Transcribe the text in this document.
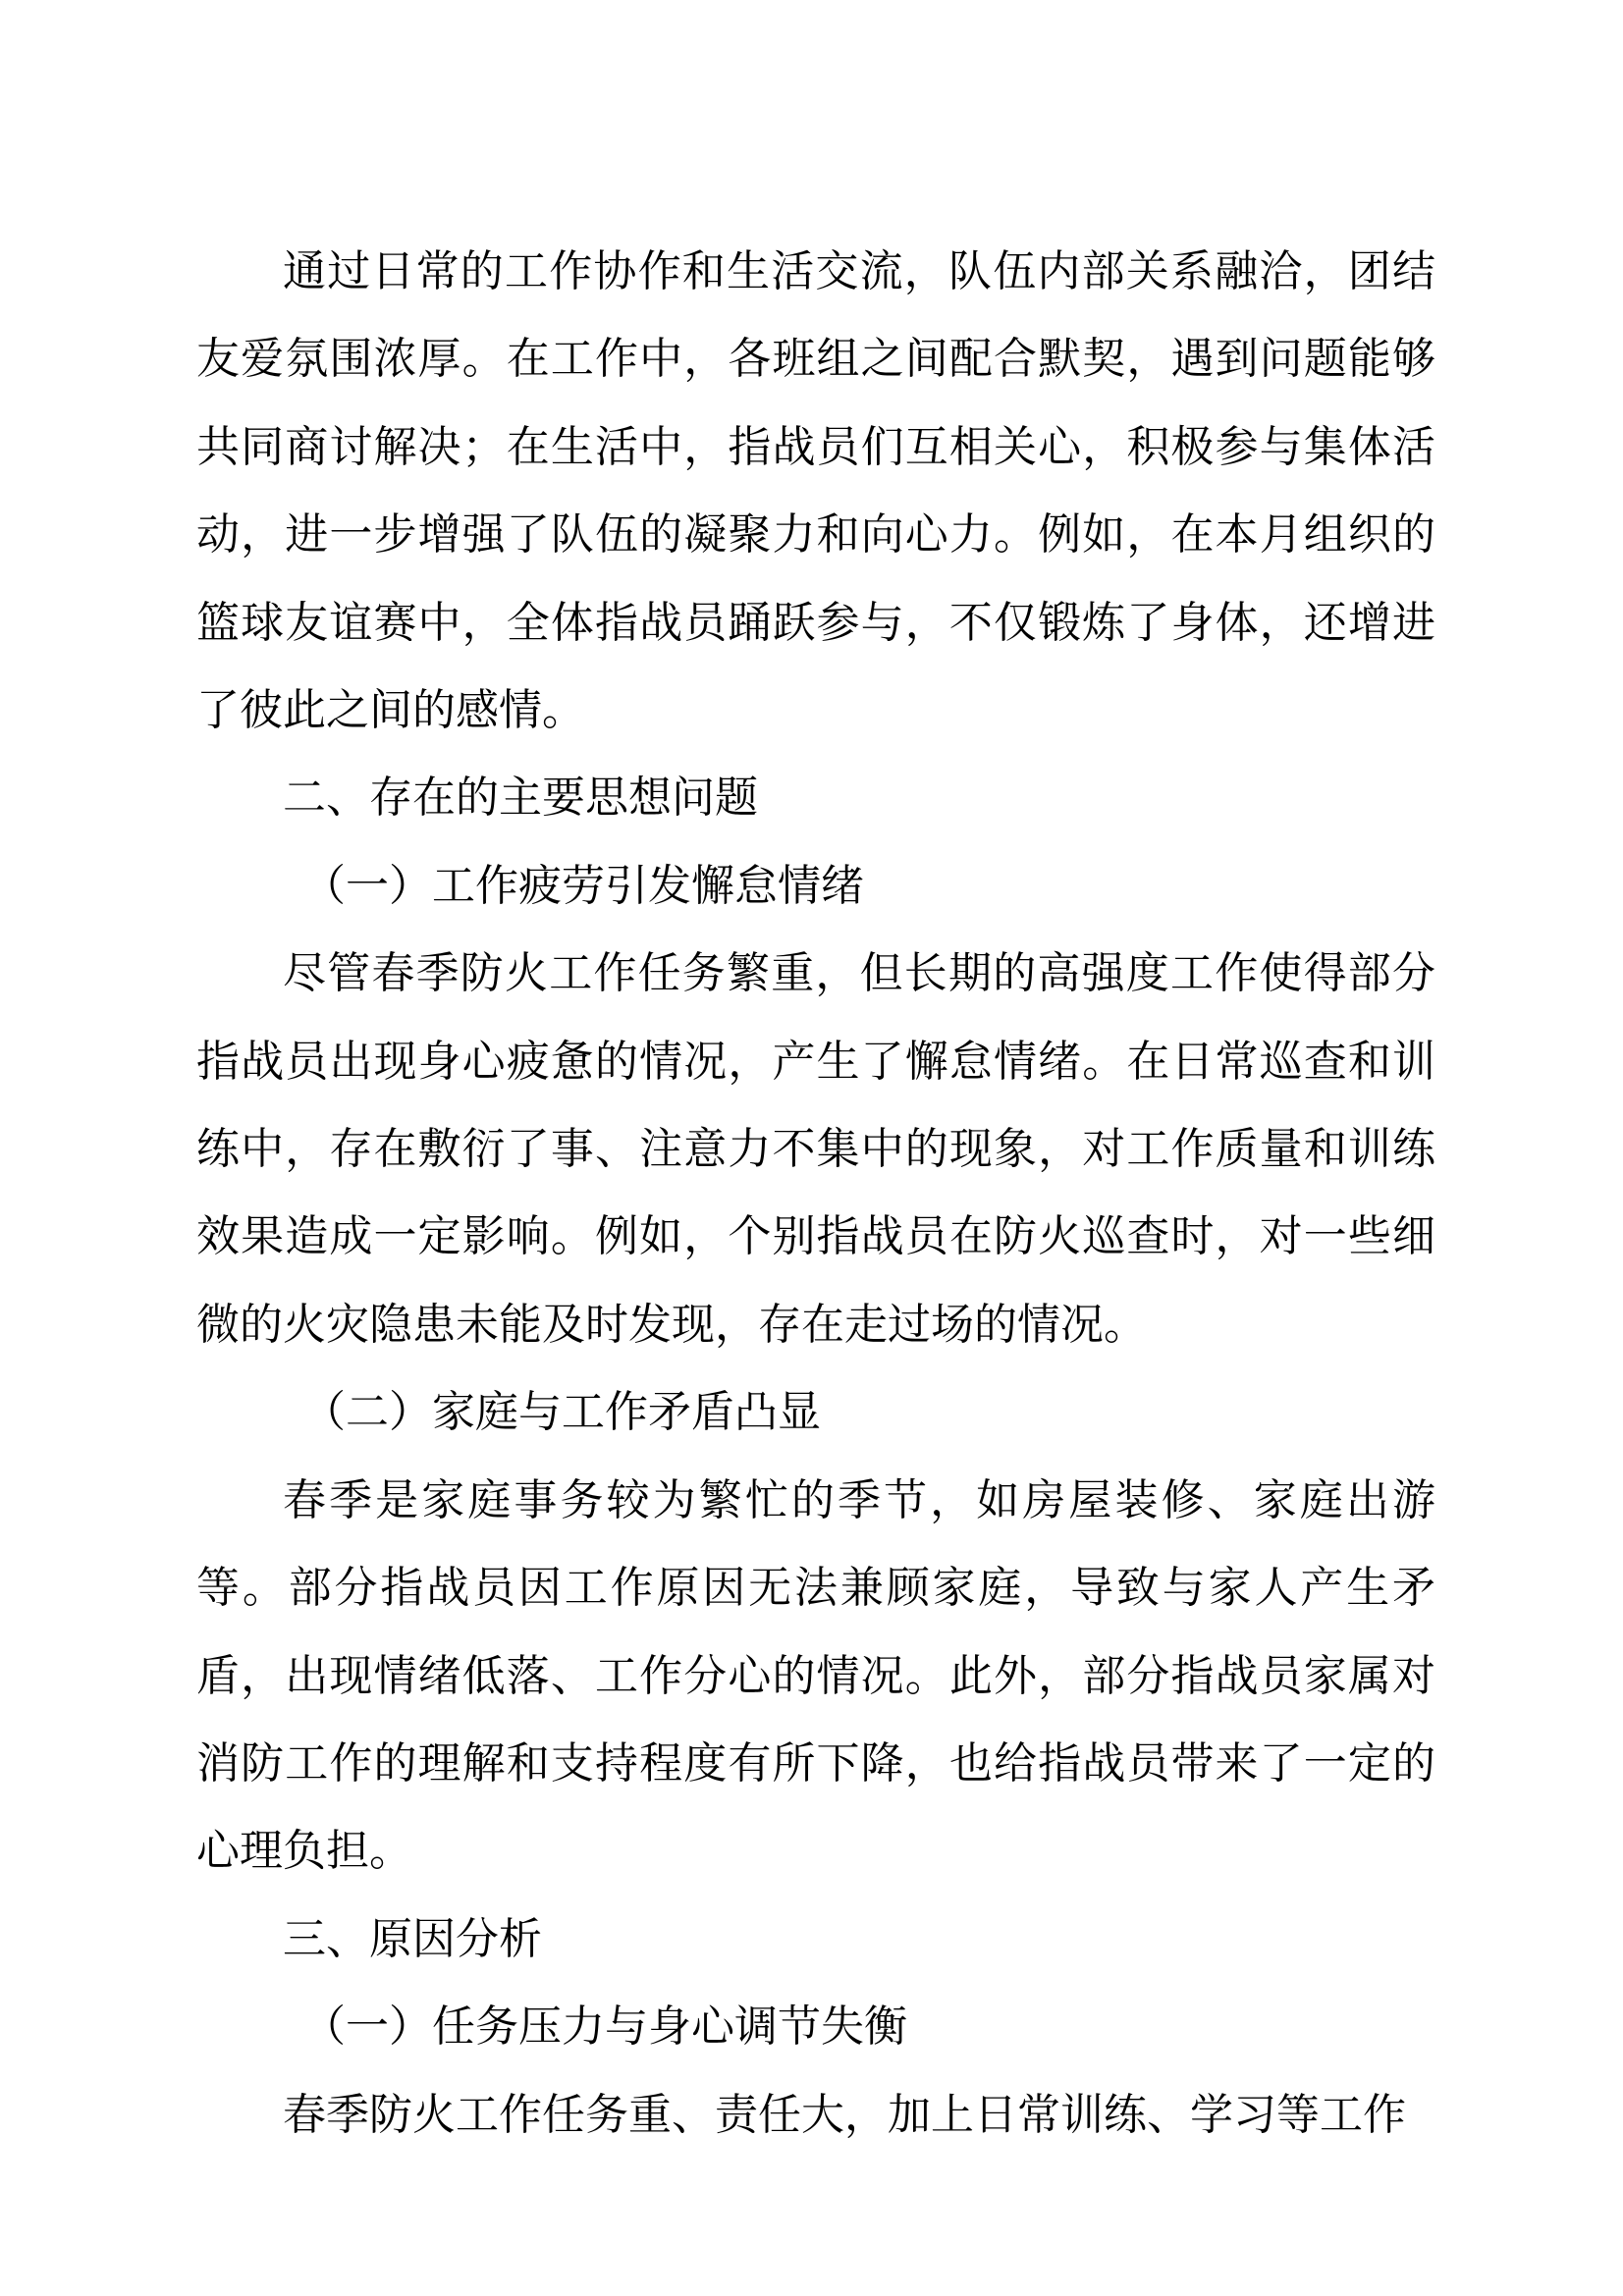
通过日常的工作协作和生活交流，队伍内部关系融洽，团结友爱氛围浓厚。在工作中，各班组之间配合默契，遇到问题能够共同商讨解决；在生活中，指战员们互相关心，积极参与集体活动，进一步增强了队伍的凝聚力和向心力。例如，在本月组织的篮球友谊赛中，全体指战员踊跃参与，不仅锻炼了身体，还增进了彼此之间的感情。

二、存在的主要思想问题

（一）工作疲劳引发懈怠情绪

尽管春季防火工作任务繁重，但长期的高强度工作使得部分指战员出现身心疲惫的情况，产生了懈怠情绪。在日常巡查和训练中，存在敷衍了事、注意力不集中的现象，对工作质量和训练效果造成一定影响。例如，个别指战员在防火巡查时，对一些细微的火灾隐患未能及时发现，存在走过场的情况。

（二）家庭与工作矛盾凸显

春季是家庭事务较为繁忙的季节，如房屋装修、家庭出游等。部分指战员因工作原因无法兼顾家庭，导致与家人产生矛盾，出现情绪低落、工作分心的情况。此外，部分指战员家属对消防工作的理解和支持程度有所下降，也给指战员带来了一定的心理负担。

三、原因分析

（一）任务压力与身心调节失衡

春季防火工作任务重、责任大，加上日常训练、学习等工作
